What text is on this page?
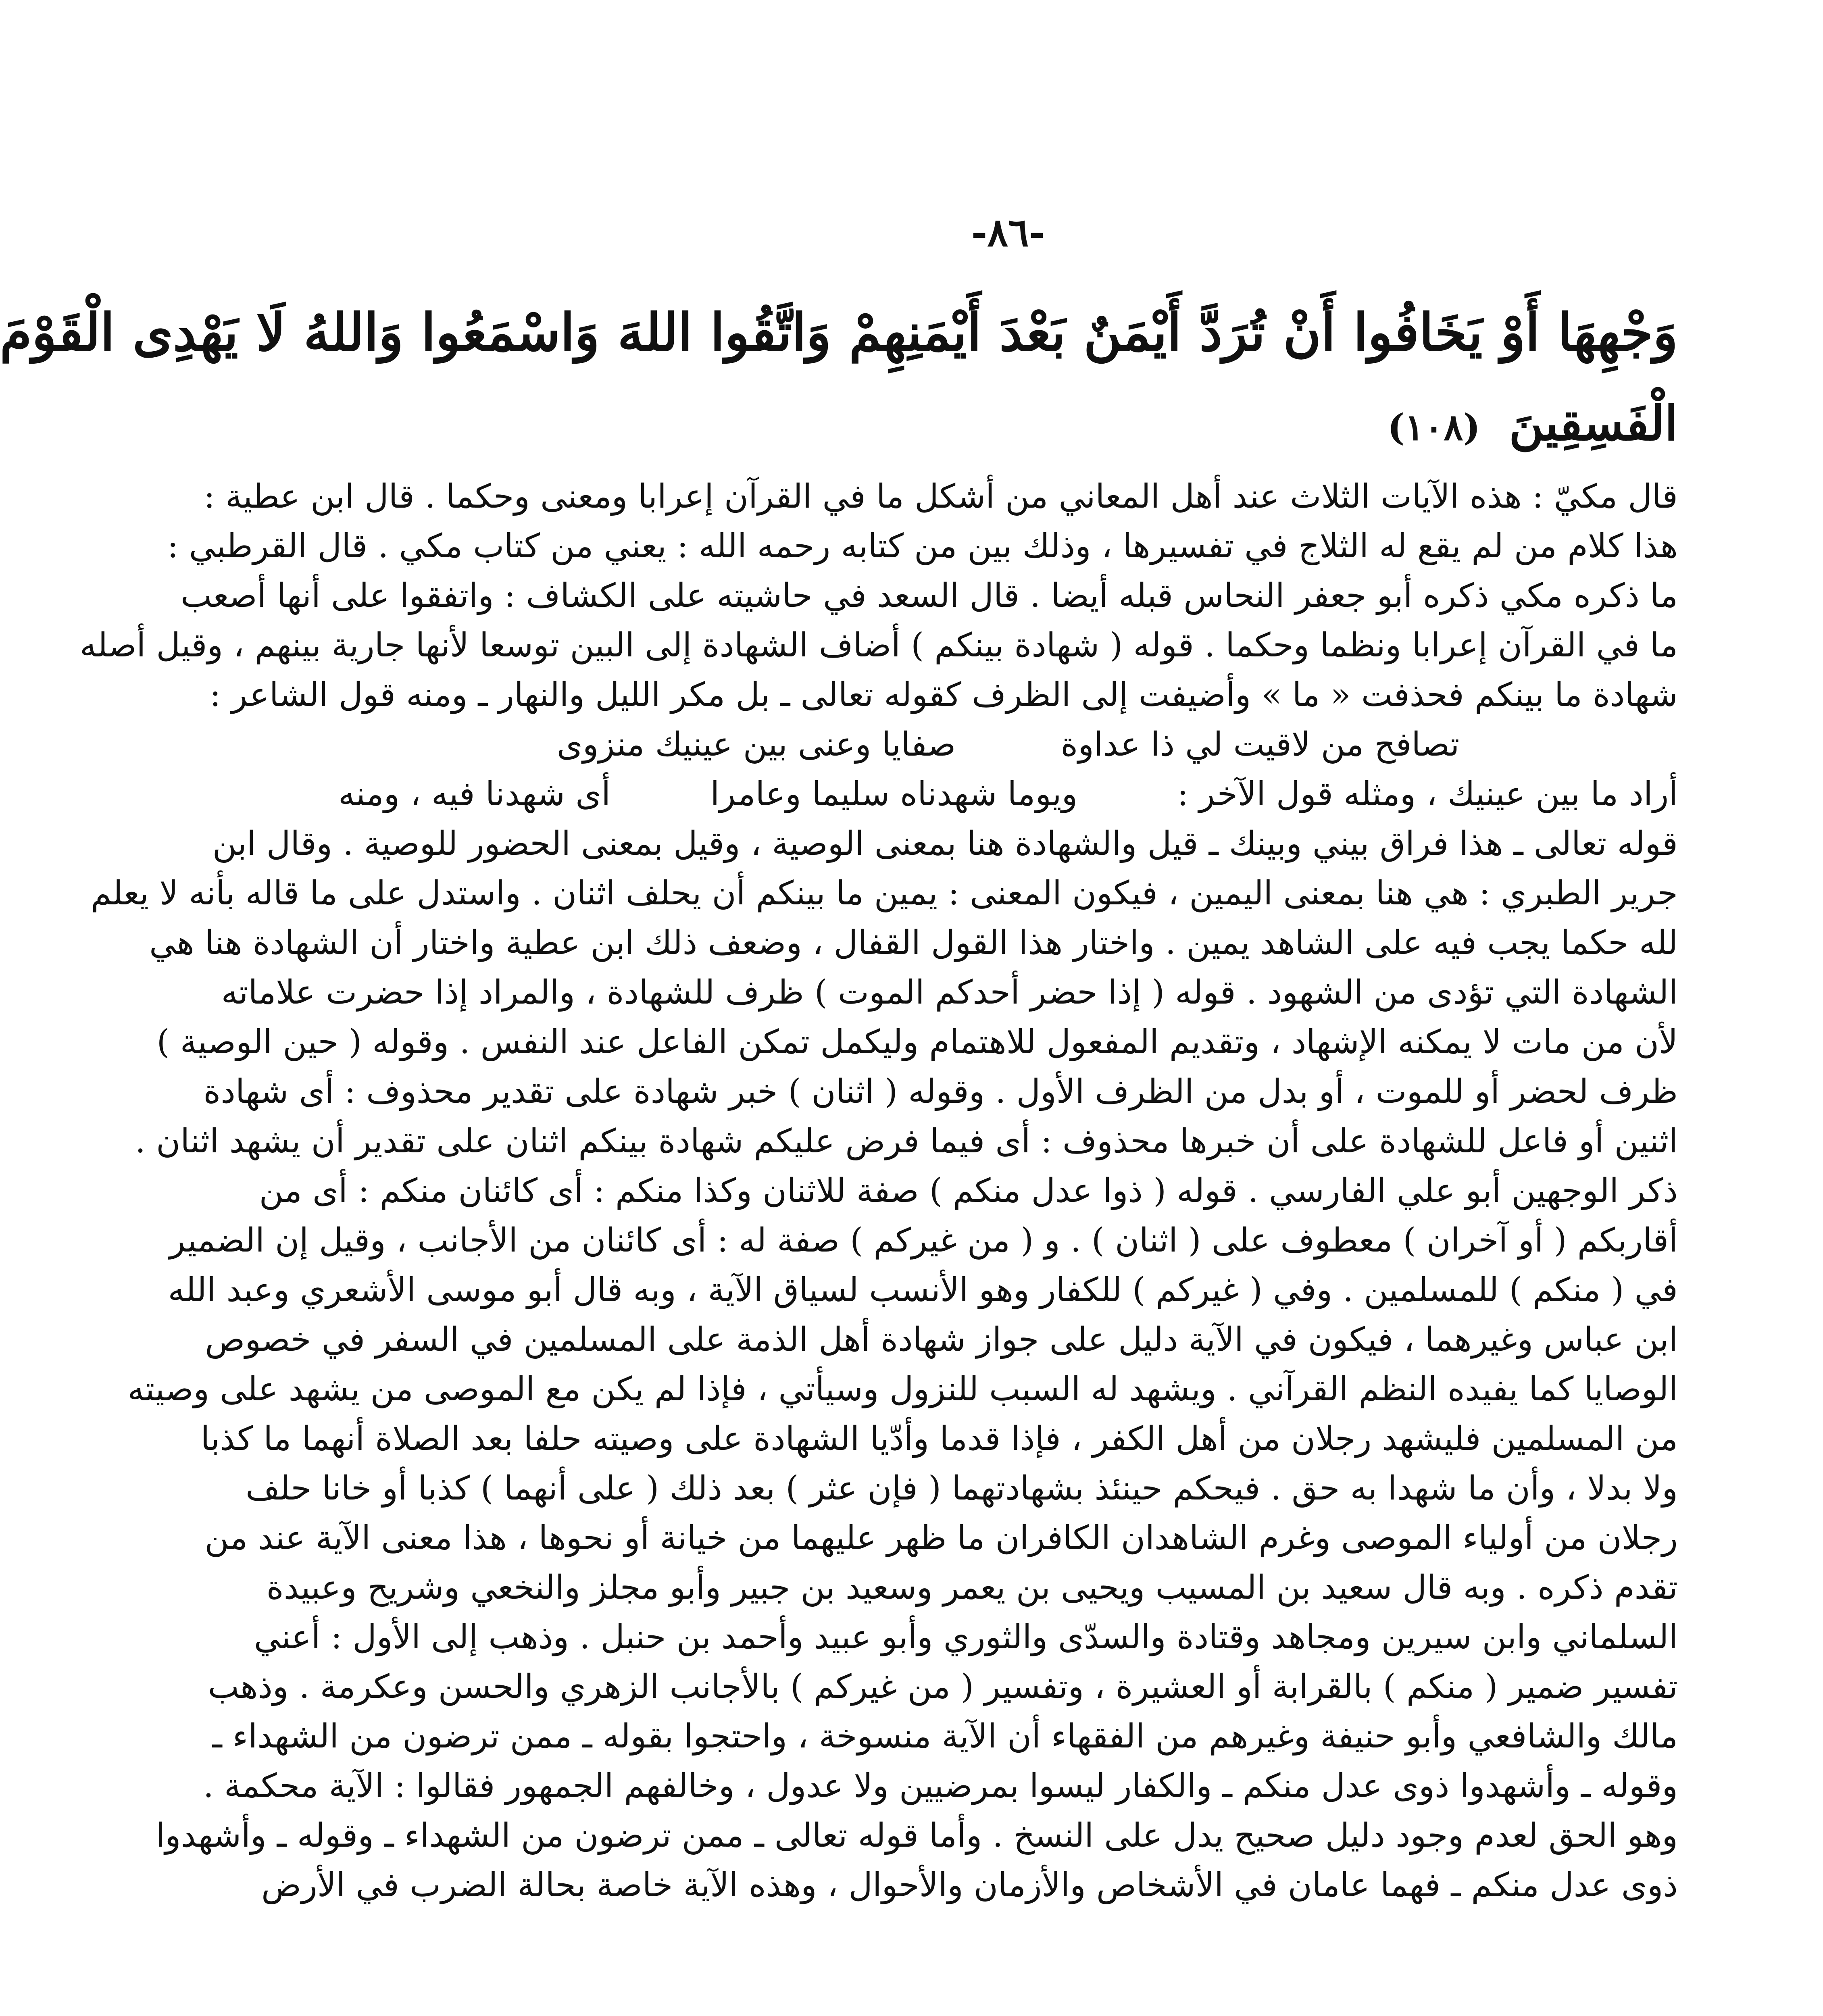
-٨٦-
وَجْهِهَا أَوْ يَخَافُوا أَنْ تُرَدَّ أَيْمَنٌ بَعْدَ أَيْمَنِهِمْ وَاتَّقُوا اللهَ وَاسْمَعُوا وَاللهُ لَا يَهْدِى الْقَوْمَ
الْفَسِقِينَ (١٠٨)
قال مكيّ : هذه الآيات الثلاث عند أهل المعاني من أشكل ما في القرآن إعرابا ومعنى وحكما . قال ابن عطية :
هذا كلام من لم يقع له الثلاج في تفسيرها ، وذلك بين من كتابه رحمه الله : يعني من كتاب مكي . قال القرطبي :
ما ذكره مكي ذكره أبو جعفر النحاس قبله أيضا . قال السعد في حاشيته على الكشاف : واتفقوا على أنها أصعب
ما في القرآن إعرابا ونظما وحكما . قوله ( شهادة بينكم ) أضاف الشهادة إلى البين توسعا لأنها جارية بينهم ، وقيل أصله
شهادة ما بينكم فحذفت « ما » وأضيفت إلى الظرف كقوله تعالى ـ بل مكر الليل والنهار ـ ومنه قول الشاعر :
تصافح من لاقيت لي ذا عداوة
صفايا وعنى بين عينيك منزوى
أراد ما بين عينيك ، ومثله قول الآخر :
ويوما شهدناه سليما وعامرا
أى شهدنا فيه ، ومنه
قوله تعالى ـ هذا فراق بيني وبينك ـ قيل والشهادة هنا بمعنى الوصية ، وقيل بمعنى الحضور للوصية . وقال ابن
جرير الطبري : هي هنا بمعنى اليمين ، فيكون المعنى : يمين ما بينكم أن يحلف اثنان . واستدل على ما قاله بأنه لا يعلم
لله حكما يجب فيه على الشاهد يمين . واختار هذا القول القفال ، وضعف ذلك ابن عطية واختار أن الشهادة هنا هي
الشهادة التي تؤدى من الشهود . قوله ( إذا حضر أحدكم الموت ) ظرف للشهادة ، والمراد إذا حضرت علاماته
لأن من مات لا يمكنه الإشهاد ، وتقديم المفعول للاهتمام وليكمل تمكن الفاعل عند النفس . وقوله ( حين الوصية )
ظرف لحضر أو للموت ، أو بدل من الظرف الأول . وقوله ( اثنان ) خبر شهادة على تقدير محذوف : أى شهادة
اثنين أو فاعل للشهادة على أن خبرها محذوف : أى فيما فرض عليكم شهادة بينكم اثنان على تقدير أن يشهد اثنان .
ذكر الوجهين أبو علي الفارسي . قوله ( ذوا عدل منكم ) صفة للاثنان وكذا منكم : أى كائنان منكم : أى من
أقاربكم ( أو آخران ) معطوف على ( اثنان ) . و ( من غيركم ) صفة له : أى كائنان من الأجانب ، وقيل إن الضمير
في ( منكم ) للمسلمين . وفي ( غيركم ) للكفار وهو الأنسب لسياق الآية ، وبه قال أبو موسى الأشعري وعبد الله
ابن عباس وغيرهما ، فيكون في الآية دليل على جواز شهادة أهل الذمة على المسلمين في السفر في خصوص
الوصايا كما يفيده النظم القرآني . ويشهد له السبب للنزول وسيأتي ، فإذا لم يكن مع الموصى من يشهد على وصيته
من المسلمين فليشهد رجلان من أهل الكفر ، فإذا قدما وأدّيا الشهادة على وصيته حلفا بعد الصلاة أنهما ما كذبا
ولا بدلا ، وأن ما شهدا به حق . فيحكم حينئذ بشهادتهما ( فإن عثر ) بعد ذلك ( على أنهما ) كذبا أو خانا حلف
رجلان من أولياء الموصى وغرم الشاهدان الكافران ما ظهر عليهما من خيانة أو نحوها ، هذا معنى الآية عند من
تقدم ذكره . وبه قال سعيد بن المسيب ويحيى بن يعمر وسعيد بن جبير وأبو مجلز والنخعي وشريح وعبيدة
السلماني وابن سيرين ومجاهد وقتادة والسدّى والثوري وأبو عبيد وأحمد بن حنبل . وذهب إلى الأول : أعني
تفسير ضمير ( منكم ) بالقرابة أو العشيرة ، وتفسير ( من غيركم ) بالأجانب الزهري والحسن وعكرمة . وذهب
مالك والشافعي وأبو حنيفة وغيرهم من الفقهاء أن الآية منسوخة ، واحتجوا بقوله ـ ممن ترضون من الشهداء ـ
وقوله ـ وأشهدوا ذوى عدل منكم ـ والكفار ليسوا بمرضيين ولا عدول ، وخالفهم الجمهور فقالوا : الآية محكمة .
وهو الحق لعدم وجود دليل صحيح يدل على النسخ . وأما قوله تعالى ـ ممن ترضون من الشهداء ـ وقوله ـ وأشهدوا
ذوى عدل منكم ـ فهما عامان في الأشخاص والأزمان والأحوال ، وهذه الآية خاصة بحالة الضرب في الأرض
